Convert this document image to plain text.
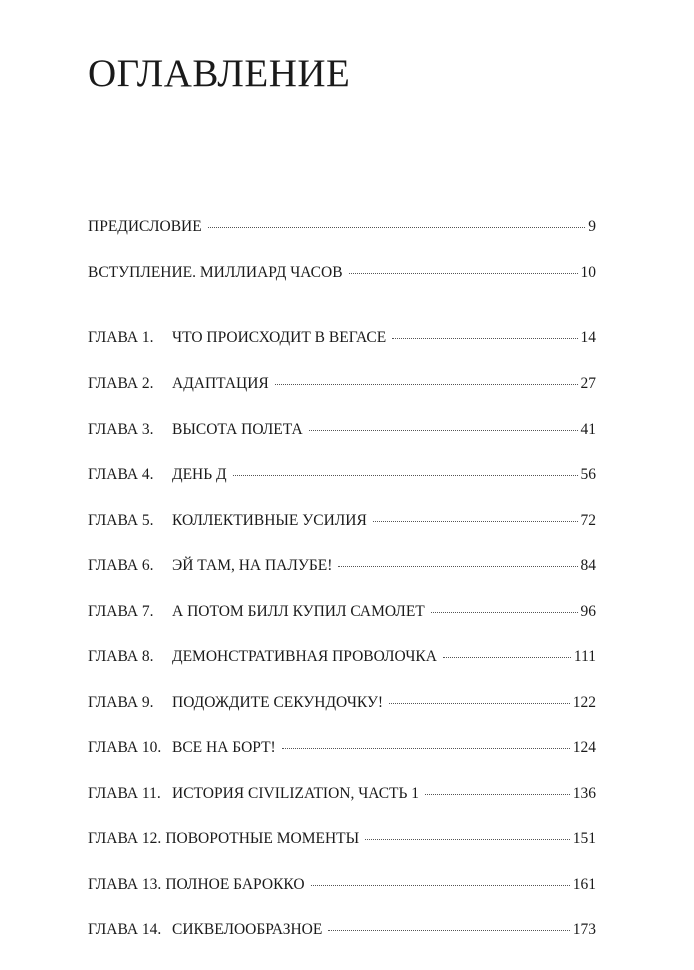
ОГЛАВЛЕНИЕ
ПРЕДИСЛОВИЕ	9
ВСТУПЛЕНИЕ. МИЛЛИАРД ЧАСОВ	10
ГЛАВА 1.	ЧТО ПРОИСХОДИТ В ВЕГАСЕ	14
ГЛАВА 2.	АДАПТАЦИЯ	27
ГЛАВА 3.	ВЫСОТА ПОЛЕТА	41
ГЛАВА 4.	ДЕНЬ Д	56
ГЛАВА 5.	КОЛЛЕКТИВНЫЕ УСИЛИЯ	72
ГЛАВА 6.	ЭЙ ТАМ, НА ПАЛУБЕ!	84
ГЛАВА 7.	А ПОТОМ БИЛЛ КУПИЛ САМОЛЕТ	96
ГЛАВА 8.	ДЕМОНСТРАТИВНАЯ ПРОВОЛОЧКА	111
ГЛАВА 9.	ПОДОЖДИТЕ СЕКУНДОЧКУ!	122
ГЛАВА 10. ВСЕ НА БОРТ!	124
ГЛАВА 11. ИСТОРИЯ CIVILIZATION, ЧАСТЬ 1	136
ГЛАВА 12. ПОВОРОТНЫЕ МОМЕНТЫ	151
ГЛАВА 13. ПОЛНОЕ БАРОККО	161
ГЛАВА 14. СИКВЕЛООБРАЗНОЕ	173
